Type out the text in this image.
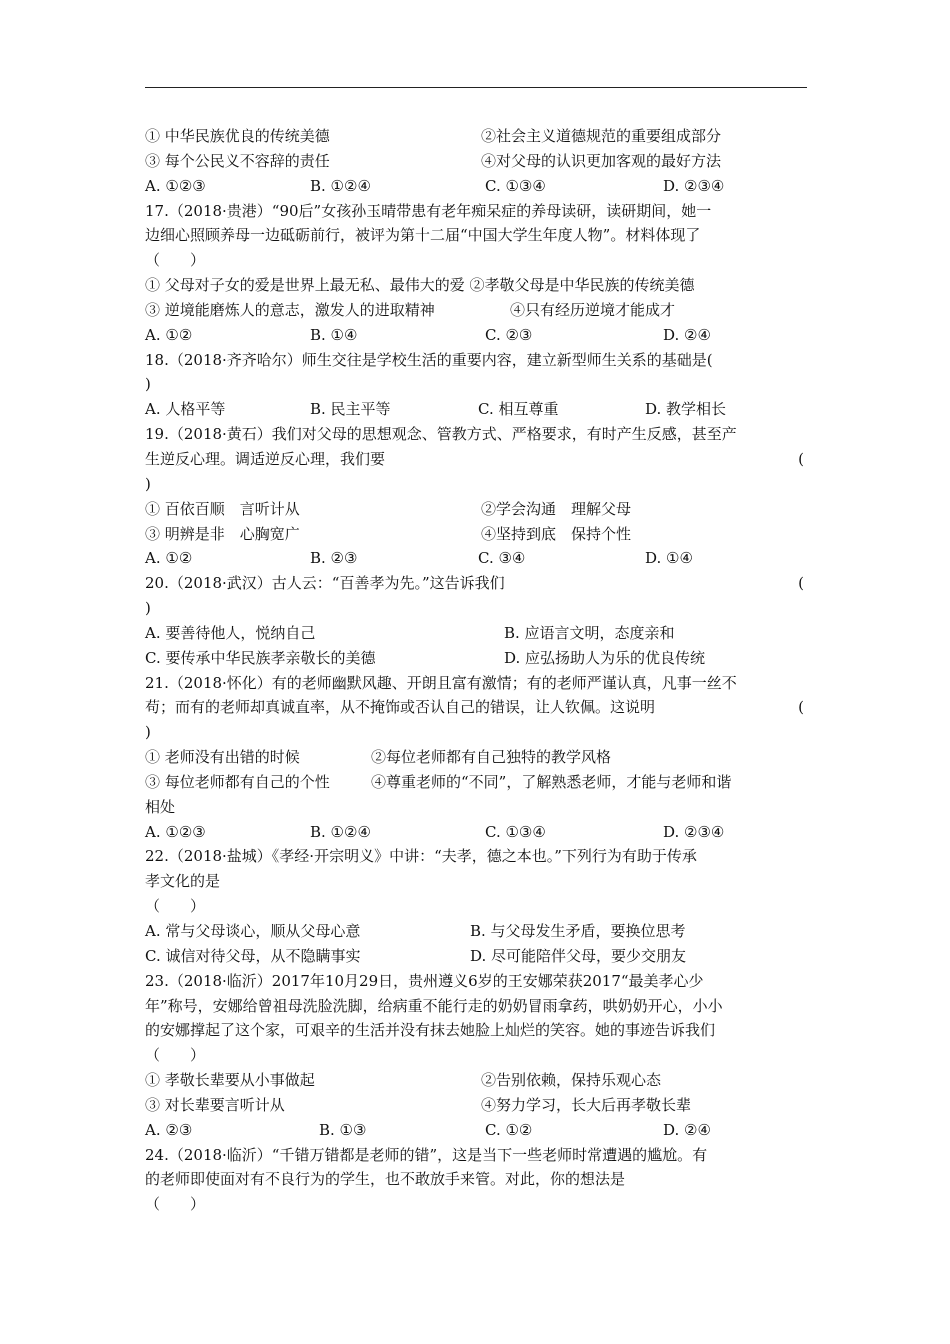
① 中华民族优良的传统美德	②社会主义道德规范的重要组成部分
③ 每个公民义不容辞的责任	④对父母的认识更加客观的最好方法
A. ①②③	B. ①②④	C. ①③④	D. ②③④
17.（2018·贵港）“90后”女孩孙玉晴带患有老年痴呆症的养母读研，读研期间，她一
边细心照顾养母一边砥砺前行，被评为第十二届“中国大学生年度人物”。材料体现了
（　　）
① 父母对子女的爱是世界上最无私、最伟大的爱 ②孝敬父母是中华民族的传统美德
③ 逆境能磨炼人的意志，激发人的进取精神	④只有经历逆境才能成才
A. ①②	B. ①④	C. ②③	D. ②④
18.（2018·齐齐哈尔）师生交往是学校生活的重要内容，建立新型师生关系的基础是(
)
A. 人格平等	B. 民主平等	C. 相互尊重	D. 教学相长
19.（2018·黄石）我们对父母的思想观念、管教方式、严格要求，有时产生反感，甚至产
生逆反心理。调适逆反心理，我们要	(
)
① 百依百顺　言听计从	②学会沟通　理解父母
③ 明辨是非　心胸宽广	④坚持到底　保持个性
A. ①②	B. ②③	C. ③④	D. ①④
20.（2018·武汉）古人云：“百善孝为先。”这告诉我们	(
)
A. 要善待他人，悦纳自己	B. 应语言文明，态度亲和
C. 要传承中华民族孝亲敬长的美德	D. 应弘扬助人为乐的优良传统
21.（2018·怀化）有的老师幽默风趣、开朗且富有激情；有的老师严谨认真，凡事一丝不
苟；而有的老师却真诚直率，从不掩饰或否认自己的错误，让人钦佩。这说明	(
)
① 老师没有出错的时候	②每位老师都有自己独特的教学风格
③ 每位老师都有自己的个性	④尊重老师的“不同”，了解熟悉老师，才能与老师和谐
相处
A. ①②③	B. ①②④	C. ①③④	D. ②③④
22.（2018·盐城）《孝经·开宗明义》中讲：“夫孝，德之本也。”下列行为有助于传承
孝文化的是
（　　）
A. 常与父母谈心，顺从父母心意	B. 与父母发生矛盾，要换位思考
C. 诚信对待父母，从不隐瞒事实	D. 尽可能陪伴父母，要少交朋友
23.（2018·临沂）2017年10月29日，贵州遵义6岁的王安娜荣获2017“最美孝心少
年”称号，安娜给曾祖母洗脸洗脚，给病重不能行走的奶奶冒雨拿药，哄奶奶开心，小小
的安娜撑起了这个家，可艰辛的生活并没有抹去她脸上灿烂的笑容。她的事迹告诉我们
（　　）
① 孝敬长辈要从小事做起	②告别依赖，保持乐观心态
③ 对长辈要言听计从	④努力学习，长大后再孝敬长辈
A. ②③	B. ①③	C. ①②	D. ②④
24.（2018·临沂）“千错万错都是老师的错”，这是当下一些老师时常遭遇的尴尬。有
的老师即使面对有不良行为的学生，也不敢放手来管。对此，你的想法是
（　　）
